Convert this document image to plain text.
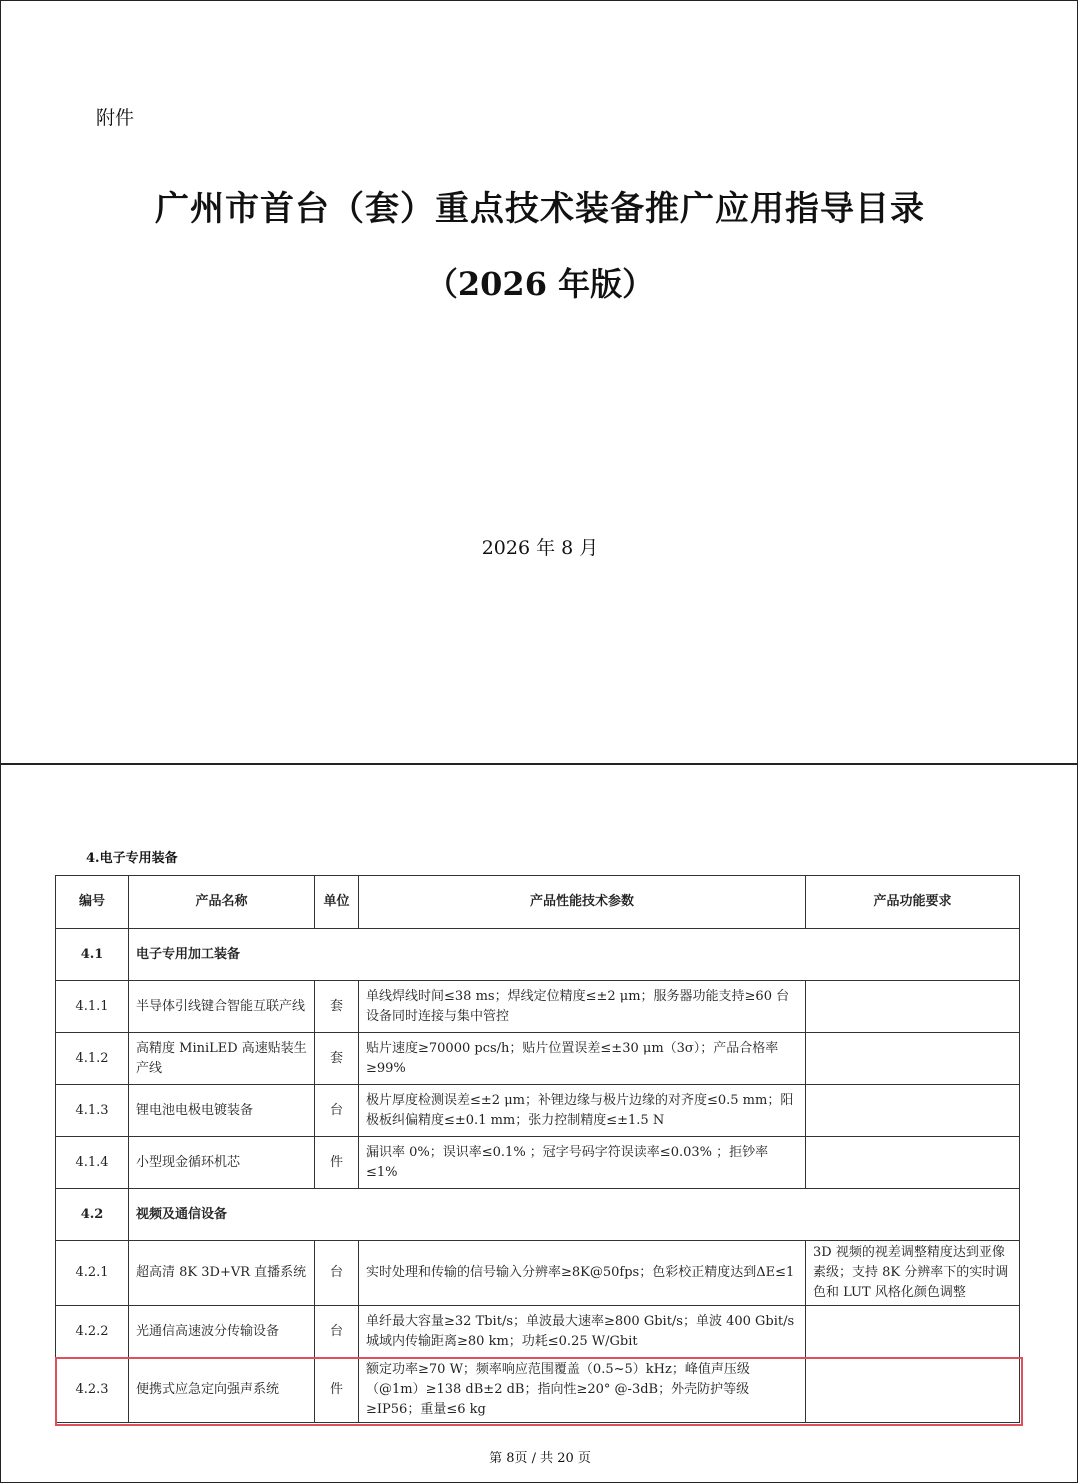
附件
广州市首台（套）重点技术装备推广应用指导目录
（2026 年版）
2026 年 8 月
4.电子专用装备
编号	产品名称	单位	产品性能技术参数	产品功能要求
4.1	电子专用加工装备			
4.1.1	半导体引线键合智能互联产线	套	单线焊线时间≤38 ms；焊线定位精度≤±2 μm；服务器功能支持≥60 台设备同时连接与集中管控	
4.1.2	高精度 MiniLED 高速贴装生产线	套	贴片速度≥70000 pcs/h；贴片位置误差≤±30 μm（3σ）；产品合格率≥99%	
4.1.3	锂电池电极电镀装备	台	极片厚度检测误差≤±2 μm；补锂边缘与极片边缘的对齐度≤0.5 mm；阳极板纠偏精度≤±0.1 mm；张力控制精度≤±1.5 N	
4.1.4	小型现金循环机芯	件	漏识率 0%；误识率≤0.1% ；冠字号码字符误读率≤0.03% ；拒钞率≤1%	
4.2	视频及通信设备			
4.2.1	超高清 8K 3D+VR 直播系统	台	实时处理和传输的信号输入分辨率≥8K@50fps；色彩校正精度达到ΔE≤1	3D 视频的视差调整精度达到亚像素级；支持 8K 分辨率下的实时调色和 LUT 风格化颜色调整
4.2.2	光通信高速波分传输设备	台	单纤最大容量≥32 Tbit/s；单波最大速率≥800 Gbit/s；单波 400 Gbit/s 城域内传输距离≥80 km；功耗≤0.25 W/Gbit	
4.2.3	便携式应急定向强声系统	件	额定功率≥70 W；频率响应范围覆盖（0.5~5）kHz；峰值声压级（@1m）≥138 dB±2 dB；指向性≥20° @-3dB；外壳防护等级≥IP56；重量≤6 kg	
第 8页 / 共 20 页
